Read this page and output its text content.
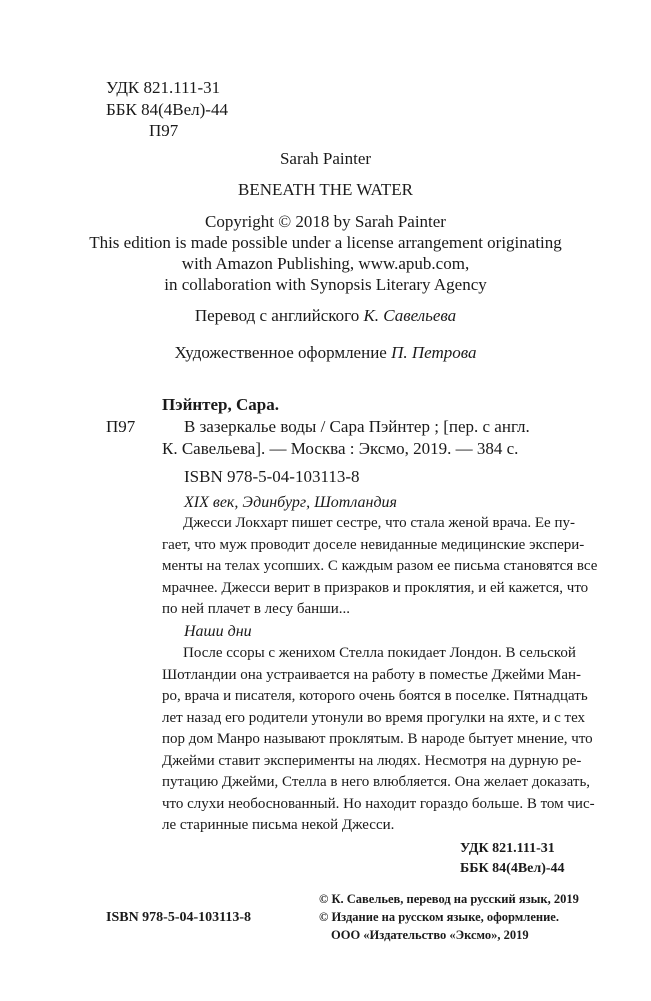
УДК 821.111-31
ББК 84(4Вел)-44
П97
Sarah Painter
BENEATH THE WATER
Copyright © 2018 by Sarah Painter
This edition is made possible under a license arrangement originating
with Amazon Publishing, www.apub.com,
in collaboration with Synopsis Literary Agency
Перевод с английского К. Савельева
Художественное оформление П. Петрова
Пэйнтер, Сара.
П97	В зазеркалье воды / Сара Пэйнтер ; [пер. с англ.
К. Савельева]. — Москва : Эксмо, 2019. — 384 с.
ISBN 978-5-04-103113-8
XIX век, Эдинбург, Шотландия

Джесси Локхарт пишет сестре, что стала женой врача. Ее пу-

гает, что муж проводит доселе невиданные медицинские экспери-

менты на телах усопших. С каждым разом ее письма становятся все

мрачнее. Джесси верит в призраков и проклятия, и ей кажется, что

по ней плачет в лесу банши...

Наши дни

После ссоры с женихом Стелла покидает Лондон. В сельской

Шотландии она устраивается на работу в поместье Джейми Ман-

ро, врача и писателя, которого очень боятся в поселке. Пятнадцать

лет назад его родители утонули во время прогулки на яхте, и с тех

пор дом Манро называют проклятым. В народе бытует мнение, что

Джейми ставит эксперименты на людях. Несмотря на дурную ре-

путацию Джейми, Стелла в него влюбляется. Она желает доказать,

что слухи необоснованный. Но находит гораздо больше. В том чис-

ле старинные письма некой Джесси.

УДК 821.111-31
ББК 84(4Вел)-44
ISBN 978-5-04-103113-8
© К. Савельев, перевод на русский язык, 2019
© Издание на русском языке, оформление.
ООО «Издательство «Эксмо», 2019
